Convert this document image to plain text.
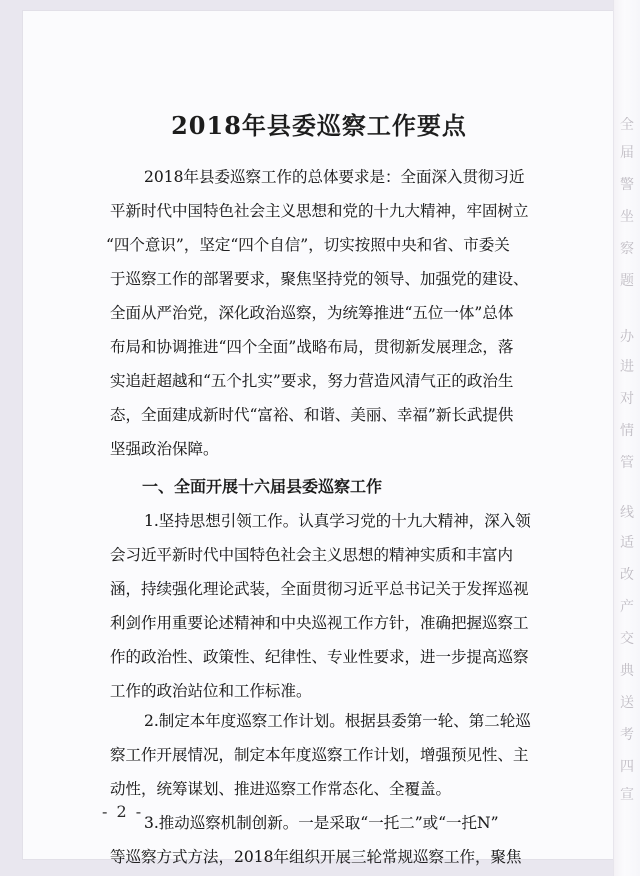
全
届
警
坐
察
题
办
进
对
情
管
线
适
改
产
交
典
送
考
四
宣
2018年县委巡察工作要点
2018年县委巡察工作的总体要求是：全面深入贯彻习近
平新时代中国特色社会主义思想和党的十九大精神，牢固树立
“四个意识”，坚定“四个自信”，切实按照中央和省、市委关
于巡察工作的部署要求，聚焦坚持党的领导、加强党的建设、
全面从严治党，深化政治巡察，为统筹推进“五位一体”总体
布局和协调推进“四个全面”战略布局，贯彻新发展理念，落
实追赶超越和“五个扎实”要求，努力营造风清气正的政治生
态，全面建成新时代“富裕、和谐、美丽、幸福”新长武提供
坚强政治保障。
一、全面开展十六届县委巡察工作
1.坚持思想引领工作。认真学习党的十九大精神，深入领
会习近平新时代中国特色社会主义思想的精神实质和丰富内
涵，持续强化理论武装，全面贯彻习近平总书记关于发挥巡视
利剑作用重要论述精神和中央巡视工作方针，准确把握巡察工
作的政治性、政策性、纪律性、专业性要求，进一步提高巡察
工作的政治站位和工作标准。
2.制定本年度巡察工作计划。根据县委第一轮、第二轮巡
察工作开展情况，制定本年度巡察工作计划，增强预见性、主
动性，统筹谋划、推进巡察工作常态化、全覆盖。
- 2 -
3.推动巡察机制创新。一是采取“一托二”或“一托N”
等巡察方式方法，2018年组织开展三轮常规巡察工作，聚焦
